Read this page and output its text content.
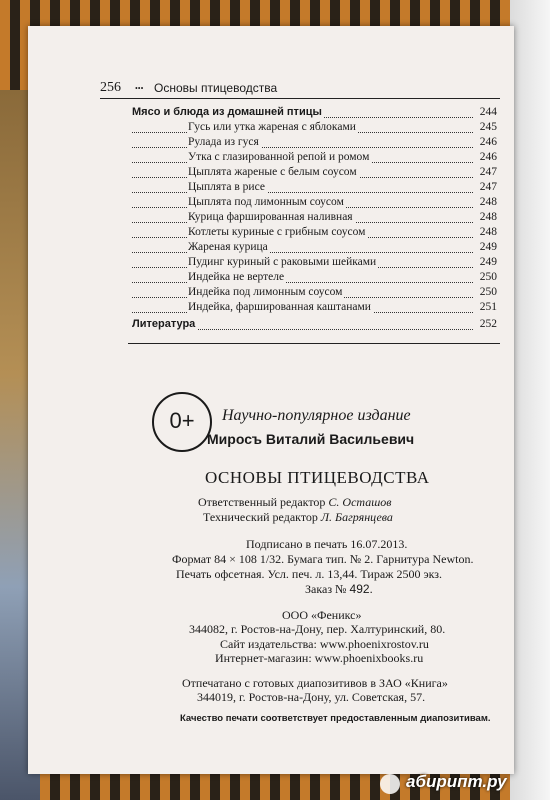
256 ••• Основы птицеводства
Мясо и блюда из домашней птицы	244
Гусь или утка жареная с яблоками	245
Рулада из гуся	246
Утка с глазированной репой и ромом	246
Цыплята жареные с белым соусом	247
Цыплята в рисе	247
Цыплята под лимонным соусом	248
Курица фаршированная наливная	248
Котлеты куриные с грибным соусом	248
Жареная курица	249
Пудинг куриный с раковыми шейками	249
Индейка не вертеле	250
Индейка под лимонным соусом	250
Индейка, фаршированная каштанами	251
Литература	252
0+	Научно-популярное издание
Миросъ Виталий Васильевич
ОСНОВЫ ПТИЦЕВОДСТВА
Ответственный редактор С. Осташов
Технический редактор Л. Багрянцева
Подписано в печать 16.07.2013.
Формат 84 × 108 1/32. Бумага тип. № 2. Гарнитура Newton.
Печать офсетная. Усл. печ. л. 13,44. Тираж 2500 экз.
Заказ № 492.
ООО «Феникс»
344082, г. Ростов-на-Дону, пер. Халтуринский, 80.
Сайт издательства: www.phoenixrostov.ru
Интернет-магазин: www.phoenixbooks.ru
Отпечатано с готовых диапозитивов в ЗАО «Книга»
344019, г. Ростов-на-Дону, ул. Советская, 57.
Качество печати соответствует предоставленным диапозитивам.
абирипт.ру
